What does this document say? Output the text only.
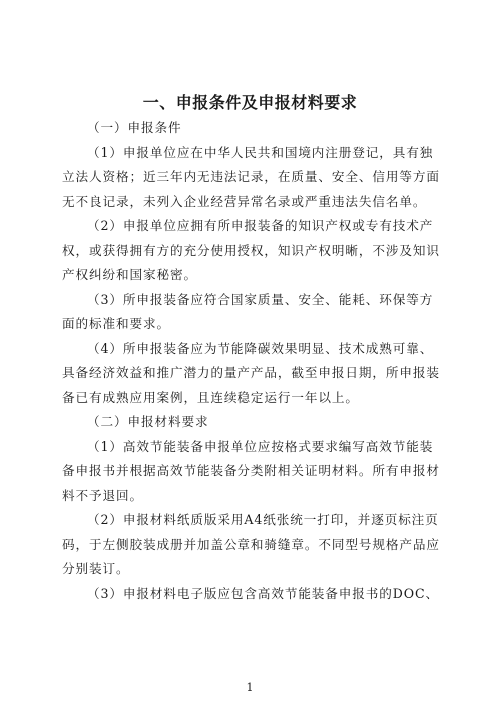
一、申报条件及申报材料要求
（一）申报条件
（1）申报单位应在中华人民共和国境内注册登记，具有独
立法人资格；近三年内无违法记录，在质量、安全、信用等方面
无不良记录，未列入企业经营异常名录或严重违法失信名单。
（2）申报单位应拥有所申报装备的知识产权或专有技术产
权，或获得拥有方的充分使用授权，知识产权明晰，不涉及知识
产权纠纷和国家秘密。
（3）所申报装备应符合国家质量、安全、能耗、环保等方
面的标准和要求。
（4）所申报装备应为节能降碳效果明显、技术成熟可靠、
具备经济效益和推广潜力的量产产品，截至申报日期，所申报装
备已有成熟应用案例，且连续稳定运行一年以上。
（二）申报材料要求
（1）高效节能装备申报单位应按格式要求编写高效节能装
备申报书并根据高效节能装备分类附相关证明材料。所有申报材
料不予退回。
（2）申报材料纸质版采用A4纸张统一打印，并逐页标注页
码，于左侧胶装成册并加盖公章和骑缝章。不同型号规格产品应
分别装订。
（3）申报材料电子版应包含高效节能装备申报书的DOC、
1
